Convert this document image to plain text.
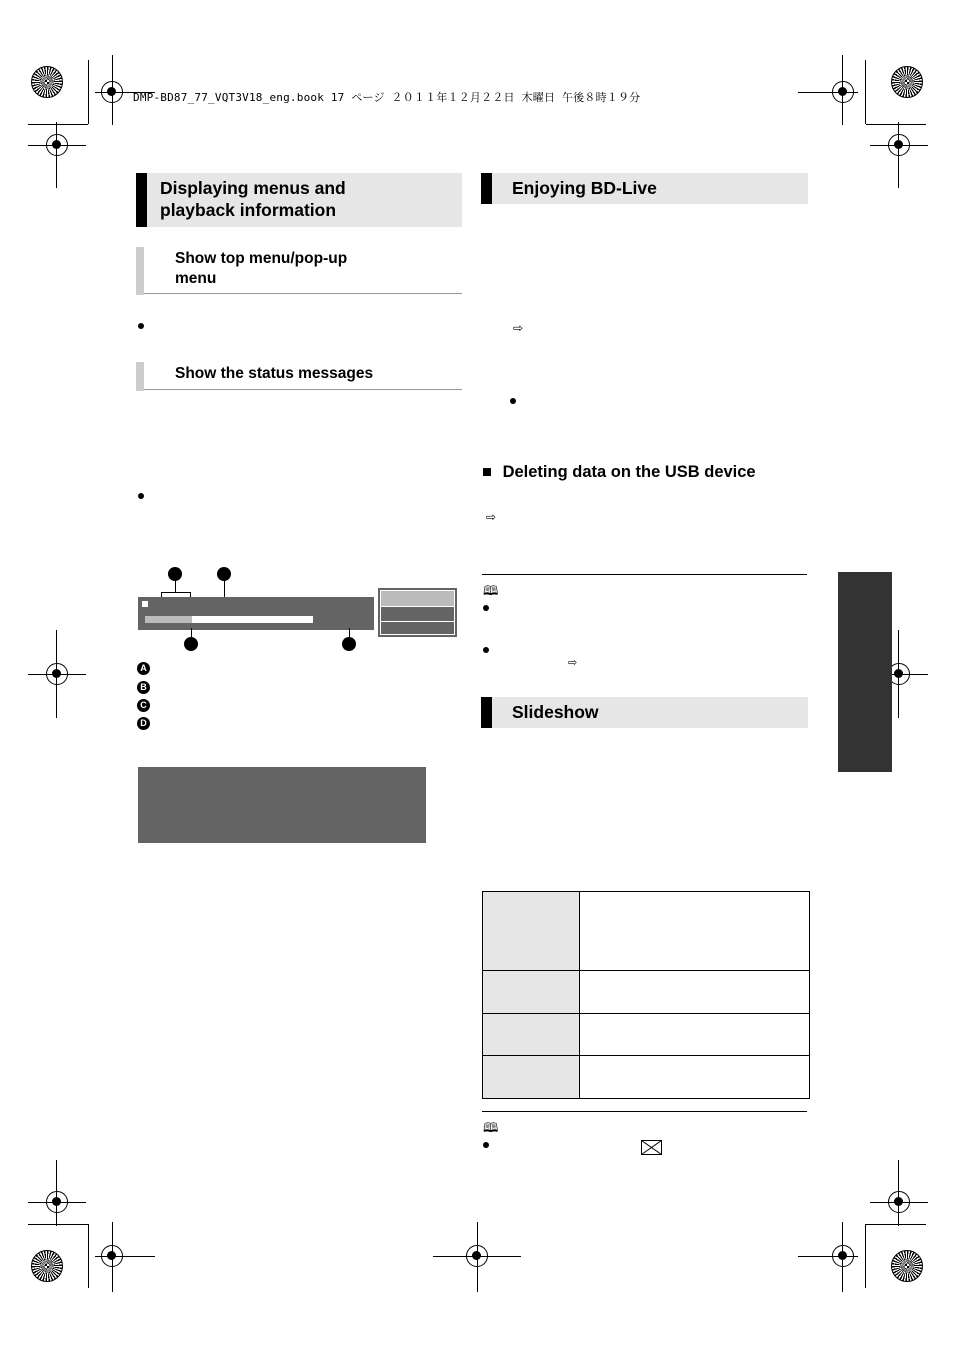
DMP-BD87_77_VQT3V18_eng.book 17 ページ ２０１１年１２月２２日 木曜日 午後８時１９分
Displaying menus and
playback information
Show top menu/pop-up
menu
Show the status messages
A
B
C
D
Enjoying BD-Live
⇨
■ Deleting data on the USB device
⇨
🕮
⇨
Slideshow

🕮
